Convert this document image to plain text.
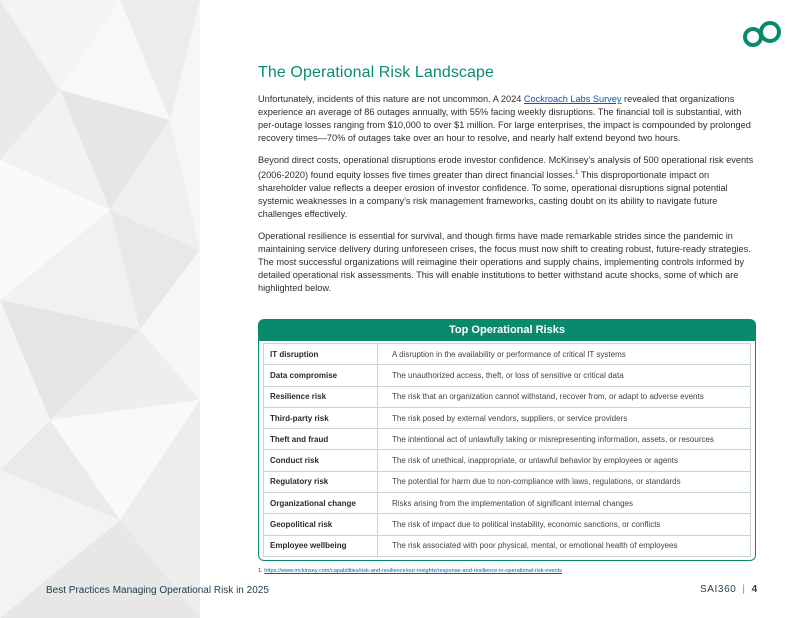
The Operational Risk Landscape

Unfortunately, incidents of this nature are not uncommon. A 2024 Cockroach Labs Survey revealed that organizations experience an average of 86 outages annually, with 55% facing weekly disruptions. The financial toll is substantial, with per-outage losses ranging from $10,000 to over $1 million. For large enterprises, the impact is compounded by prolonged recovery times—70% of outages take over an hour to resolve, and nearly half extend beyond two hours.

Beyond direct costs, operational disruptions erode investor confidence. McKinsey’s analysis of 500 operational risk events (2006-2020) found equity losses five times greater than direct financial losses.$^1$ This disproportionate impact on shareholder value reflects a deeper erosion of investor confidence. To some, operational disruptions signal potential systemic weaknesses in a company’s risk management frameworks, casting doubt on its ability to navigate future challenges effectively.

Operational resilience is essential for survival, and though firms have made remarkable strides since the pandemic in maintaining service delivery during unforeseen crises, the focus must now shift to creating robust, future-ready strategies. The most successful organizations will reimagine their operations and supply chains, implementing controls informed by detailed operational risk assessments. This will enable institutions to better withstand acute shocks, some of which are highlighted below.

Top Operational Risks
IT disruption	A disruption in the availability or performance of critical IT systems
Data compromise	The unauthorized access, theft, or loss of sensitive or critical data
Resilience risk	The risk that an organization cannot withstand, recover from, or adapt to adverse events
Third-party risk	The risk posed by external vendors, suppliers, or service providers
Theft and fraud	The intentional act of unlawfully taking or misrepresenting information, assets, or resources
Conduct risk	The risk of unethical, inappropriate, or unlawful behavior by employees or agents
Regulatory risk	The potential for harm due to non-compliance with laws, regulations, or standards
Organizational change	Risks arising from the implementation of significant internal changes
Geopolitical risk	The risk of impact due to political instability, economic sanctions, or conflicts
Employee wellbeing	The risk associated with poor physical, mental, or emotional health of employees
1. https://www.mckinsey.com/capabilities/risk-and-resilience/our-insights/response-and-resilience-in-operational-risk-events
Best Practices Managing Operational Risk in 2025	SAI360 | 4
